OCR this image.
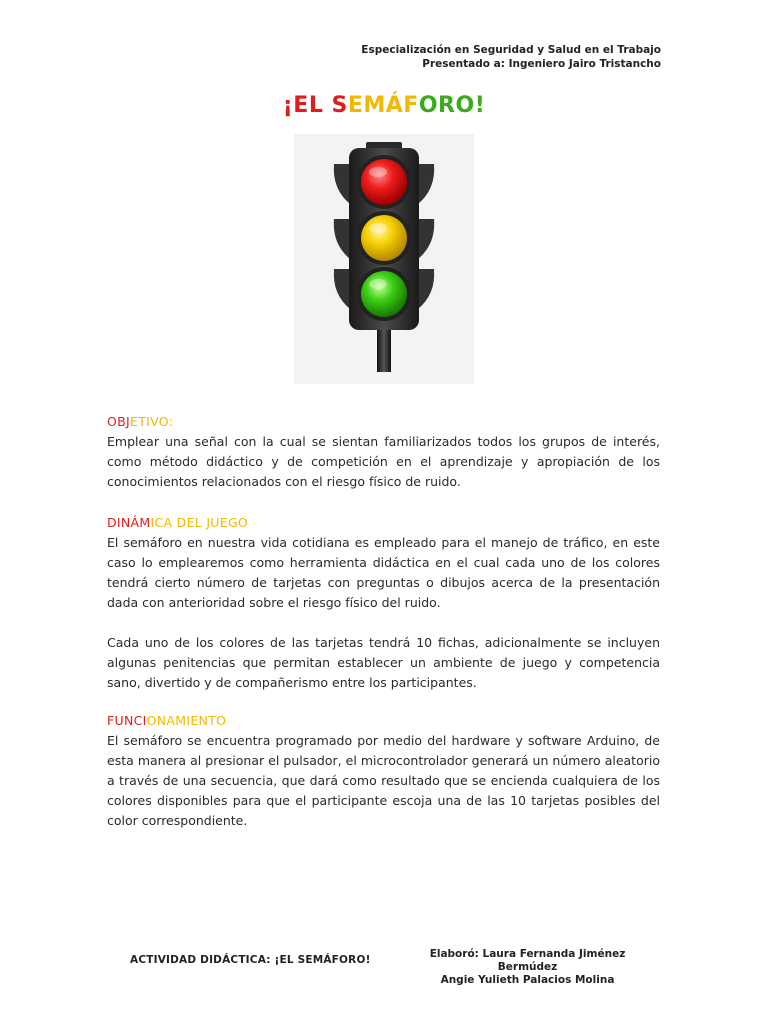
Especialización en Seguridad y Salud en el Trabajo
Presentado a: Ingeniero Jairo Tristancho
¡EL SEMÁFORO!
OBJETIVO:
Emplear una señal con la cual se sientan familiarizados todos los grupos de interés, como método didáctico y de competición en el aprendizaje y apropiación de los conocimientos relacionados con el riesgo físico de ruido.
DINÁMICA DEL JUEGO
El semáforo en nuestra vida cotidiana es empleado para el manejo de tráfico, en este caso lo emplearemos como herramienta didáctica en el cual cada uno de los colores tendrá cierto número de tarjetas con preguntas o dibujos acerca de la presentación dada con anterioridad sobre el riesgo físico del ruido.
Cada uno de los colores de las tarjetas tendrá 10 fichas, adicionalmente se incluyen algunas penitencias que permitan establecer un ambiente de juego y competencia sano, divertido y de compañerismo entre los participantes.
FUNCIONAMIENTO
El semáforo se encuentra programado por medio del hardware y software Arduino, de esta manera al presionar el pulsador, el microcontrolador generará un número aleatorio a través de una secuencia, que dará como resultado que se encienda cualquiera de los colores disponibles para que el participante escoja una de las 10 tarjetas posibles del color correspondiente.
ACTIVIDAD DIDÁCTICA: ¡EL SEMÁFORO!	Elaboró: Laura Fernanda Jiménez Bermúdez
Angie Yulieth Palacios Molina
